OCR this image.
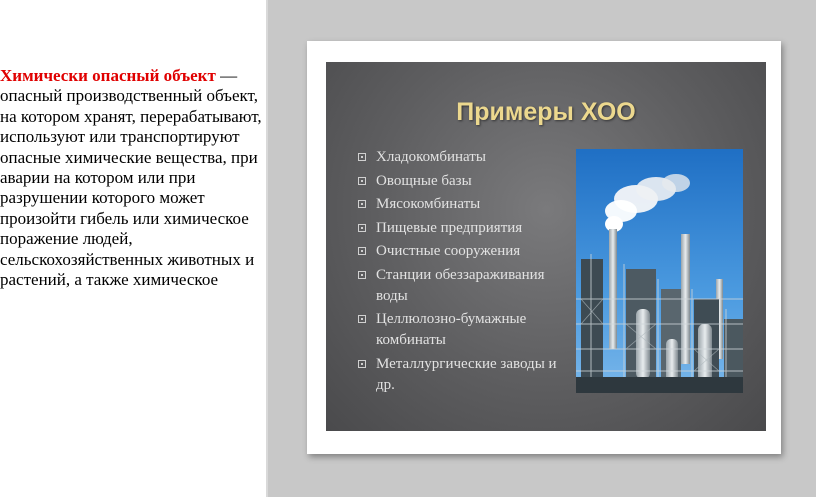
Химически опасный объект — опасный производственный объект, на котором хранят, перерабатывают, используют или транспортируют опасные химические вещества, при аварии на котором или при разрушении которого может произойти гибель или химическое поражение людей, сельскохозяйственных животных и растений, а также химическое
Примеры ХОО
Хладокомбинаты
Овощные базы
Мясокомбинаты
Пищевые предприятия
Очистные сооружения
Станции обеззараживания воды
Целлюлозно-бумажные комбинаты
Металлургические заводы и др.
